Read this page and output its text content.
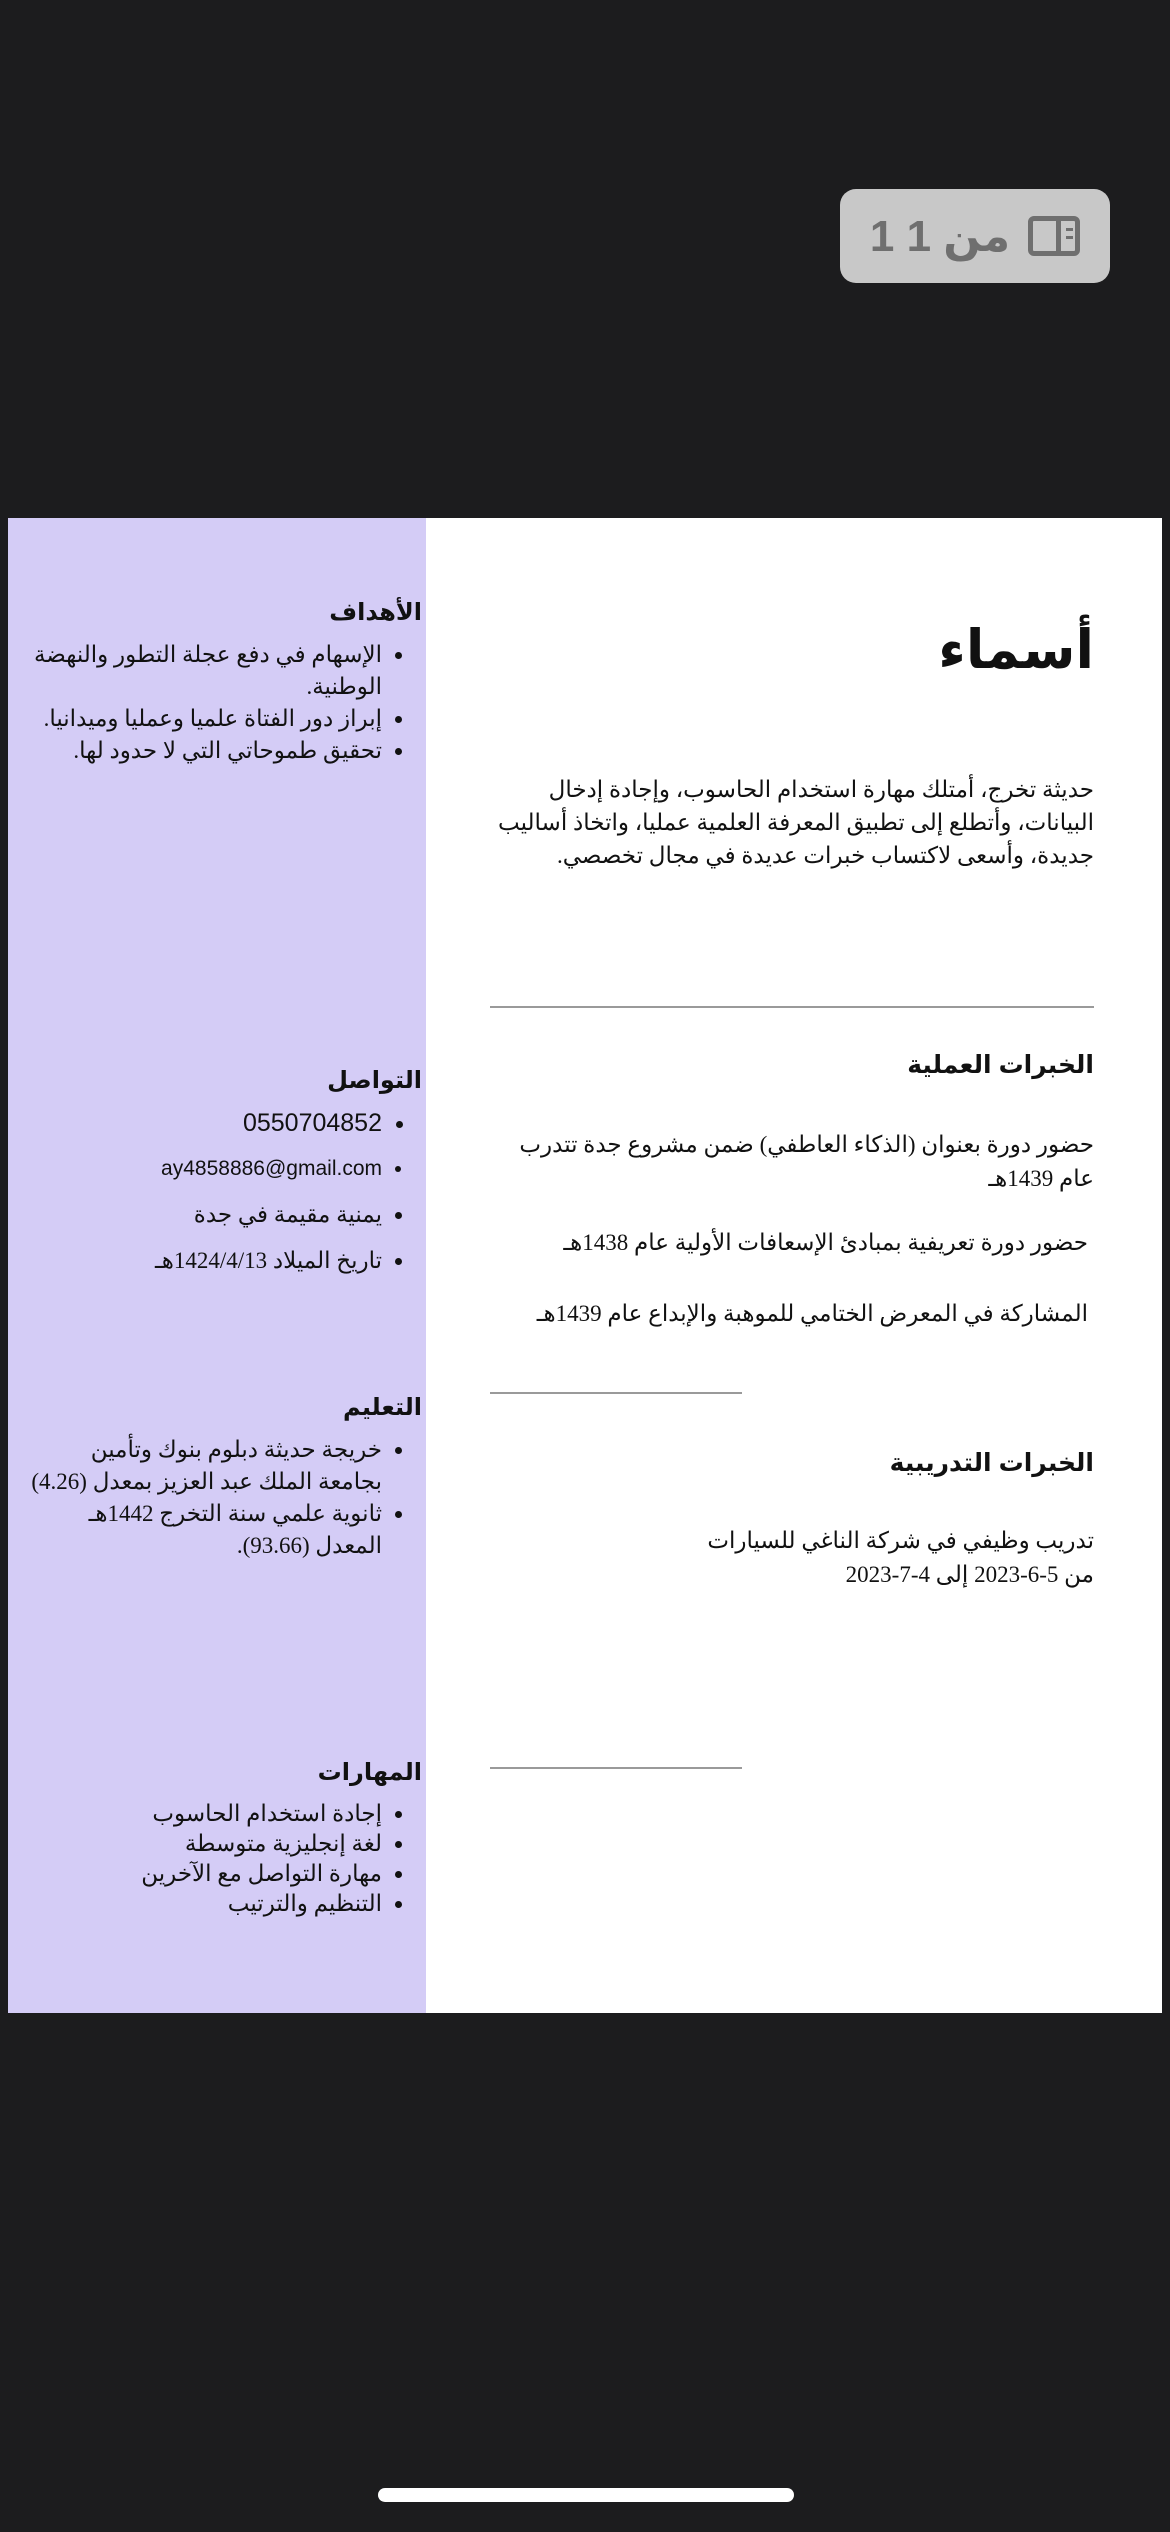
1 من 1
الأهداف
• الإسهام في دفع عجلة التطور والنهضة الوطنية.
• إبراز دور الفتاة علميا وعمليا وميدانيا.
• تحقيق طموحاتي التي لا حدود لها.
التواصل
• 0550704852
• ay4858886@gmail.com
• يمنية مقيمة في جدة
• تاريخ الميلاد 1424/4/13هـ
التعليم
• خريجة حديثة دبلوم بنوك وتأمين بجامعة الملك عبد العزيز بمعدل (4.26)
• ثانوية علمي سنة التخرج 1442هـ المعدل (93.66).
المهارات
• إجادة استخدام الحاسوب
• لغة إنجليزية متوسطة
• مهارة التواصل مع الآخرين
• التنظيم والترتيب
أسماء

حديثة تخرج، أمتلك مهارة استخدام الحاسوب، وإجادة إدخال البيانات، وأتطلع إلى تطبيق المعرفة العلمية عمليا، واتخاذ أساليب جديدة، وأسعى لاكتساب خبرات عديدة في مجال تخصصي.

الخبرات العملية

حضور دورة بعنوان (الذكاء العاطفي) ضمن مشروع جدة تتدرب عام 1439هـ

حضور دورة تعريفية بمبادئ الإسعافات الأولية عام 1438هـ

المشاركة في المعرض الختامي للموهبة والإبداع عام 1439هـ

الخبرات التدريبية

تدريب وظيفي في شركة الناغي للسيارات

من 5-6-2023 إلى 4-7-2023
